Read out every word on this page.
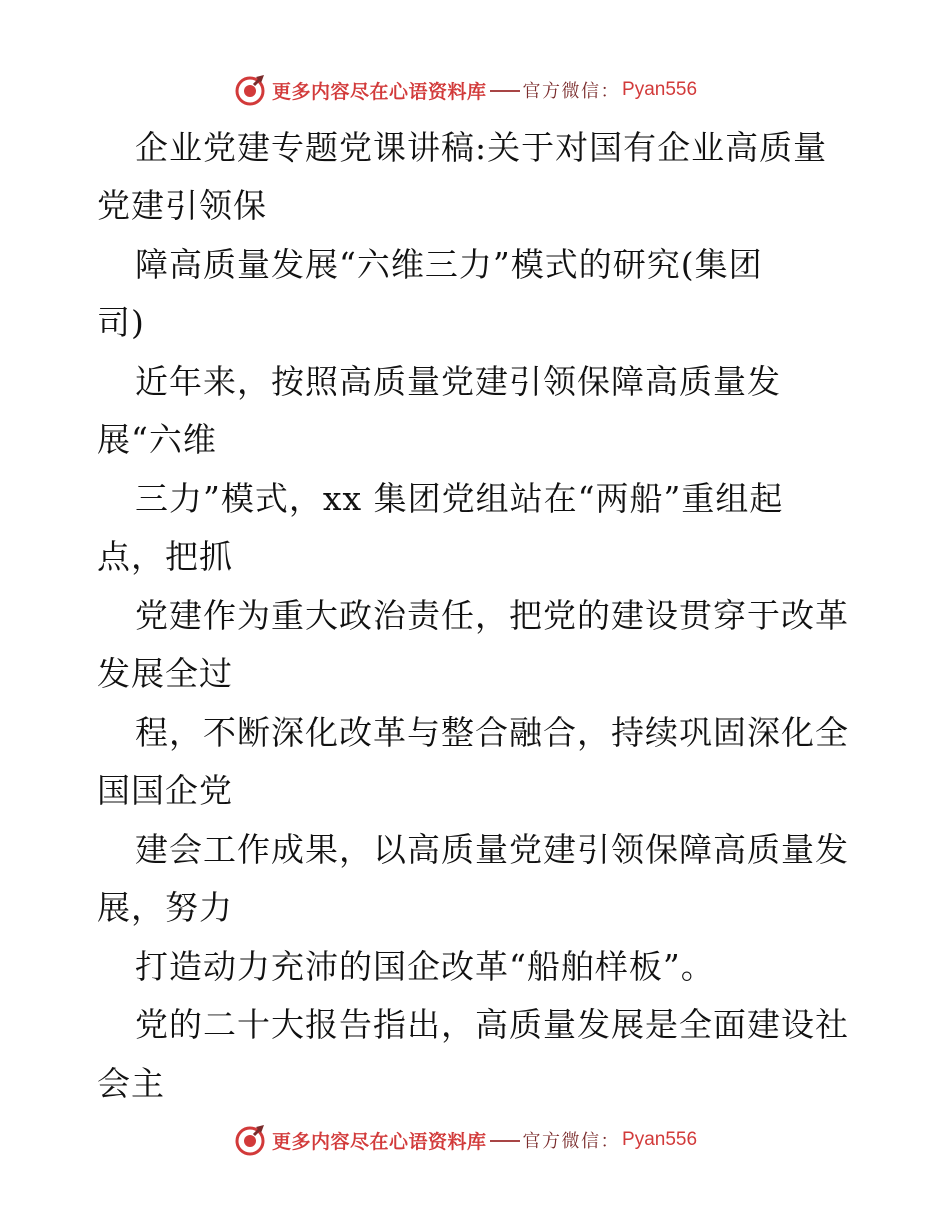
更多内容尽在心语资料库 官方微信： Pyan556
企业党建专题党课讲稿:关于对国有企业高质量
党建引领保
障高质量发展“六维三力”模式的研究(集团
司)
近年来，按照高质量党建引领保障高质量发
展“六维
三力”模式，xx 集团党组站在“两船”重组起
点，把抓
党建作为重大政治责任，把党的建设贯穿于改革
发展全过
程，不断深化改革与整合融合，持续巩固深化全
国国企党
建会工作成果，以高质量党建引领保障高质量发
展，努力
打造动力充沛的国企改革“船舶样板”。
党的二十大报告指出，高质量发展是全面建设社
会主
更多内容尽在心语资料库 官方微信： Pyan556
